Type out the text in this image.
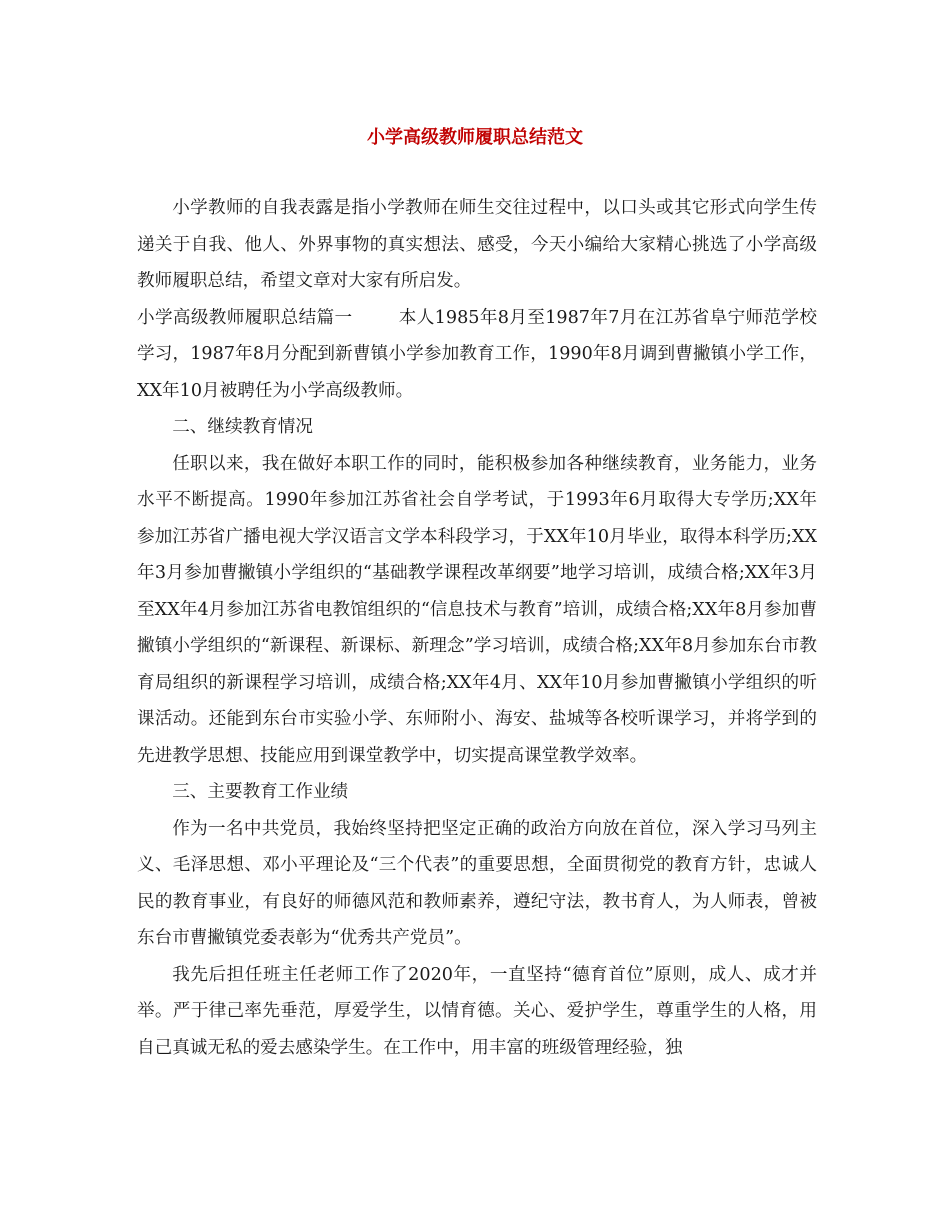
小学高级教师履职总结范文

小学教师的自我表露是指小学教师在师生交往过程中，以口头或其它形式向学生传递关于自我、他人、外界事物的真实想法、感受，今天小编给大家精心挑选了小学高级教师履职总结，希望文章对大家有所启发。

小学高级教师履职总结篇一	本人1985年8月至1987年7月在江苏省阜宁师范学校学习，1987年8月分配到新曹镇小学参加教育工作，1990年8月调到曹撇镇小学工作，XX年10月被聘任为小学高级教师。

二、继续教育情况

任职以来，我在做好本职工作的同时，能积极参加各种继续教育，业务能力，业务水平不断提高。1990年参加江苏省社会自学考试，于1993年6月取得大专学历;XX年 参加江苏省广播电视大学汉语言文学本科段学习，于XX年10月毕业，取得本科学历;XX年3月参加曹撇镇小学组织的“基础教学课程改革纲要”地学习培训，成绩合格;XX年3月至XX年4月参加江苏省电教馆组织的“信息技术与教育”培训，成绩合格;XX年8月参加曹撇镇小学组织的“新课程、新课标、新理念”学习培训，成绩合格;XX年8月参加东台市教育局组织的新课程学习培训，成绩合格;XX年4月、XX年10月参加曹撇镇小学组织的听课活动。还能到东台市实验小学、东师附小、海安、盐城等各校听课学习，并将学到的先进教学思想、技能应用到课堂教学中，切实提高课堂教学效率。

三、主要教育工作业绩

作为一名中共党员，我始终坚持把坚定正确的政治方向放在首位，深入学习马列主义、毛泽思想、邓小平理论及“三个代表”的重要思想，全面贯彻党的教育方针，忠诚人民的教育事业，有良好的师德风范和教师素养，遵纪守法，教书育人，为人师表，曾被东台市曹撇镇党委表彰为“优秀共产党员”。

我先后担任班主任老师工作了2020年，一直坚持“德育首位”原则，成人、成才并举。严于律己率先垂范，厚爱学生，以情育德。关心、爱护学生，尊重学生的人格，用自己真诚无私的爱去感染学生。在工作中，用丰富的班级管理经验，独
